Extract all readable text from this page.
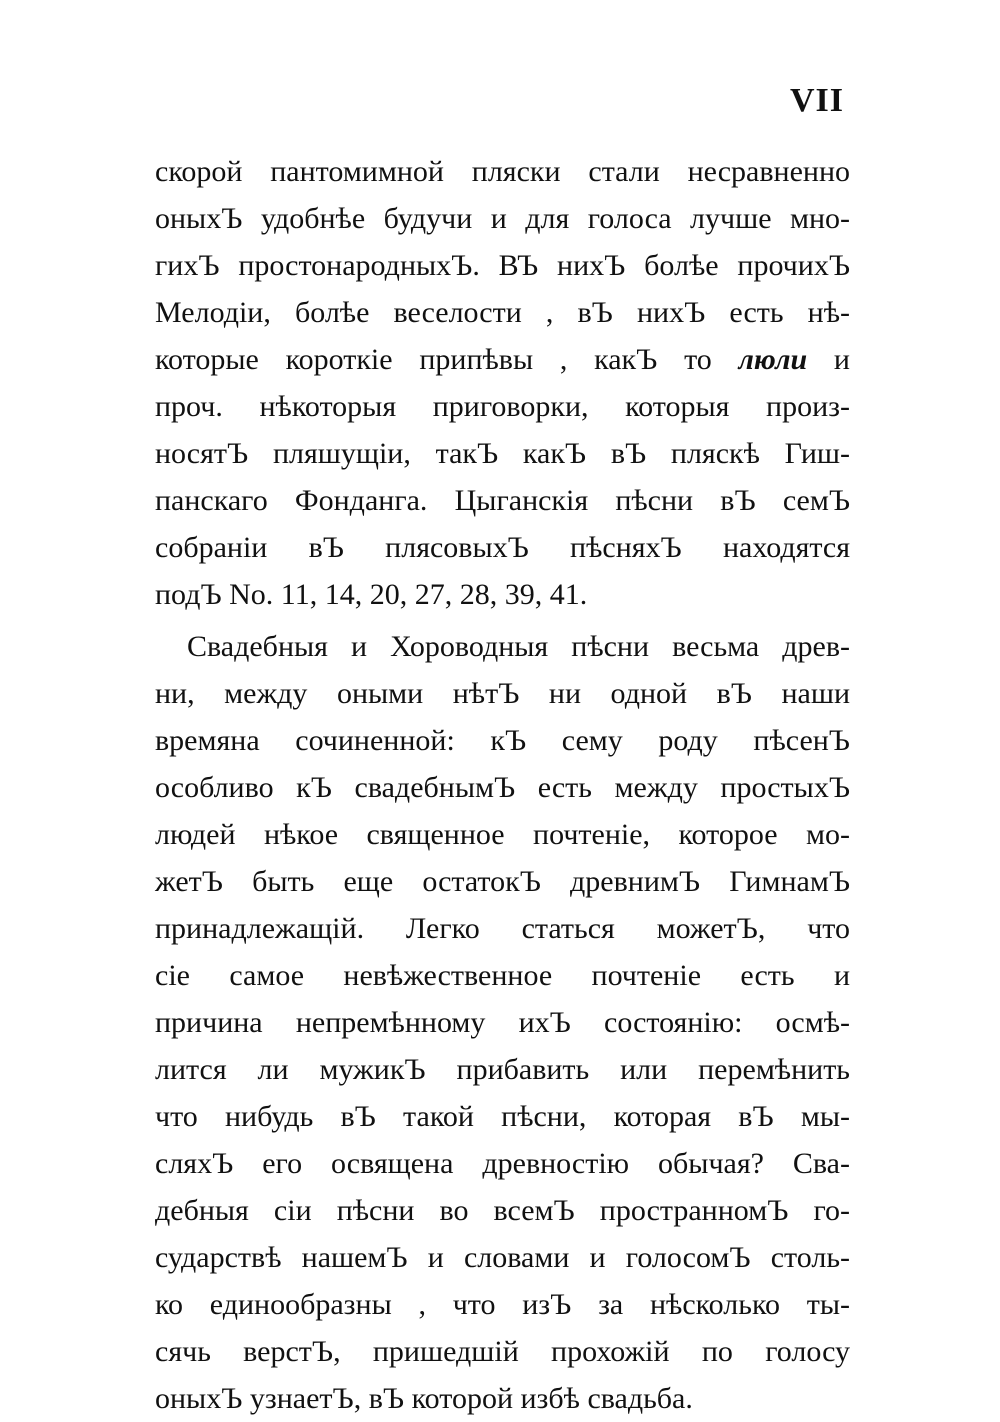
VII
скорой пантомимной пляски стали несравненно
оныхЪ удобнѣе будучи и для голоса лучше мно-
гихЪ простонародныхЪ. ВЪ нихЪ болѣе прочихЪ
Мелодiи, болѣе веселости , вЪ нихЪ есть нѣ-
которые короткiе припѣвы , какЪ то люли и
проч. нѣкоторыя приговорки, которыя произ-
носятЪ пляшущiи, такЪ какЪ вЪ пляскѣ Гиш-
панскаго Фонданга. Цыганскiя пѣсни вЪ семЪ
собранiи вЪ плясовыхЪ пѣсняхЪ находятся
подЪ No. 11, 14, 20, 27, 28, 39, 41.
Свадебныя и Хороводныя пѣсни весьма древ-
ни, между оными нѣтЪ ни одной вЪ наши
времяна сочиненной: кЪ сему роду пѣсенЪ
особливо кЪ свадебнымЪ есть между простыхЪ
людей нѣкое священное почтенiе, которое мо-
жетЪ быть еще остатокЪ древнимЪ ГимнамЪ
принадлежащiй. Легко статься можетЪ, что
сiе самое невѣжественное почтенiе есть и
причина непремѣнному ихЪ состоянiю: осмѣ-
лится ли мужикЪ прибавить или перемѣнить
что нибудь вЪ такой пѣсни, которая вЪ мы-
сляхЪ его освящена древностiю обычая? Сва-
дебныя сiи пѣсни во всемЪ пространномЪ го-
сударствѣ нашемЪ и словами и голосомЪ столь-
ко единообразны , что изЪ за нѣсколько ты-
сячь верстЪ, пришедшiй прохожiй по голосу
оныхЪ узнаетЪ, вЪ которой избѣ свадьба.
